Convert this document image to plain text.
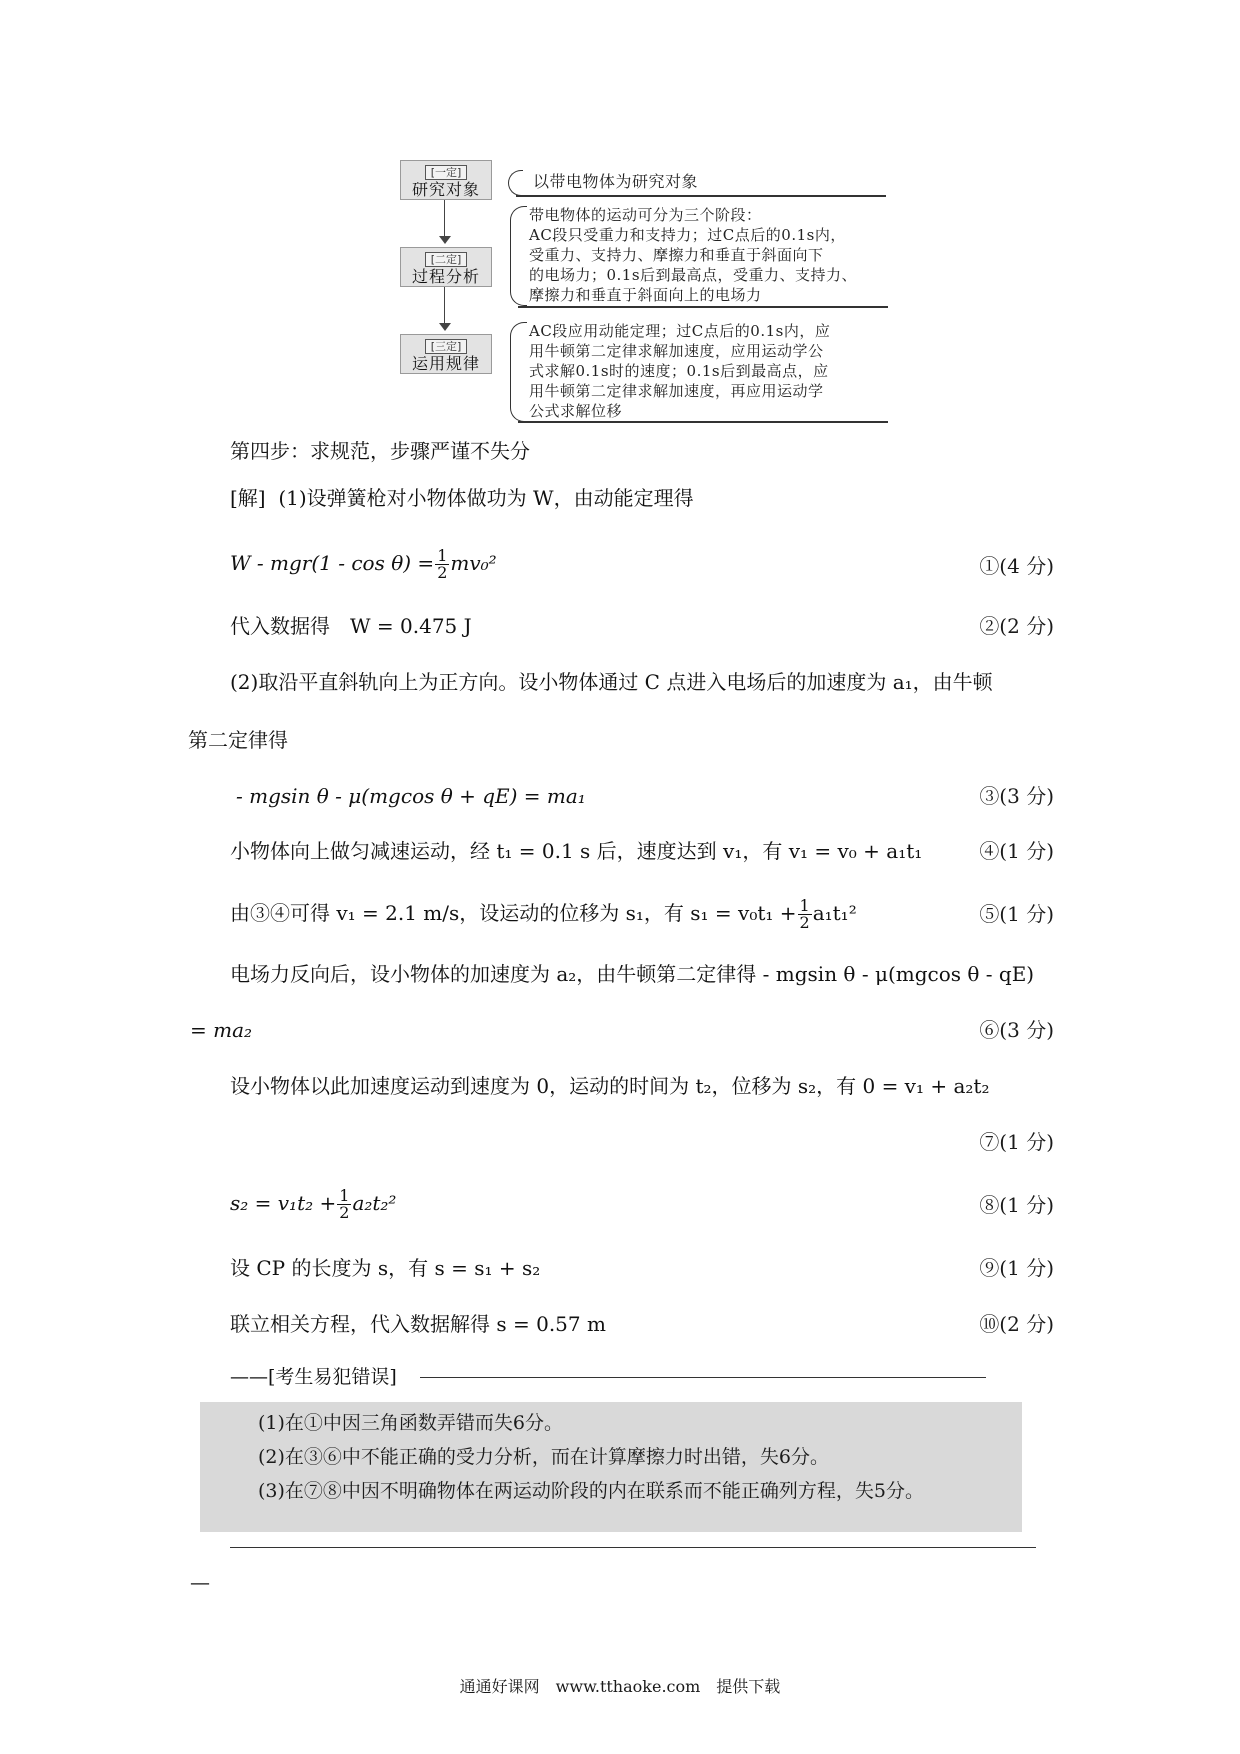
[一定]
研究对象
[二定]
过程分析
[三定]
运用规律
以带电物体为研究对象
带电物体的运动可分为三个阶段：
AC段只受重力和支持力；过C点后的0.1s内，
受重力、支持力、摩擦力和垂直于斜面向下
的电场力；0.1s后到最高点，受重力、支持力、
摩擦力和垂直于斜面向上的电场力
AC段应用动能定理；过C点后的0.1s内，应
用牛顿第二定律求解加速度，应用运动学公
式求解0.1s时的速度；0.1s后到最高点，应
用牛顿第二定律求解加速度，再应用运动学
公式求解位移
第四步：求规范，步骤严谨不失分
[解] (1)设弹簧枪对小物体做功为 W，由动能定理得
$W - mgr(1 - \cos \theta) = \frac{1}{2} mv_0^2$	①(4 分)
代入数据得　W = 0.475 J	②(2 分)
(2)取沿平直斜轨向上为正方向。设小物体通过 C 点进入电场后的加速度为 a₁，由牛顿
第二定律得
- mgsin θ - μ(mgcos θ + qE) = ma₁	③(3 分)
小物体向上做匀减速运动，经 t₁ = 0.1 s 后，速度达到 v₁，有 v₁ = v₀ + a₁t₁	④(1 分)
由③④可得 v₁ = 2.1 m/s，设运动的位移为 s₁，有 $s_1 = v_0t_1 + \frac{1}{2} a_1t_1^2$	⑤(1 分)
电场力反向后，设小物体的加速度为 a₂，由牛顿第二定律得 - mgsin θ - μ(mgcos θ - qE)
= ma₂	⑥(3 分)
设小物体以此加速度运动到速度为 0，运动的时间为 t₂，位移为 s₂，有 0 = v₁ + a₂t₂
⑦(1 分)
$s_2 = v_1t_2 + \frac{1}{2} a_2t_2^2$	⑧(1 分)
设 CP 的长度为 s，有 s = s₁ + s₂	⑨(1 分)
联立相关方程，代入数据解得 s = 0.57 m	⑩(2 分)
——[考生易犯错误]
(1)在①中因三角函数弄错而失6分。
(2)在③⑥中不能正确的受力分析，而在计算摩擦力时出错，失6分。
(3)在⑦⑧中因不明确物体在两运动阶段的内在联系而不能正确列方程，失5分。
—
通通好课网　www.tthaoke.com　提供下载
